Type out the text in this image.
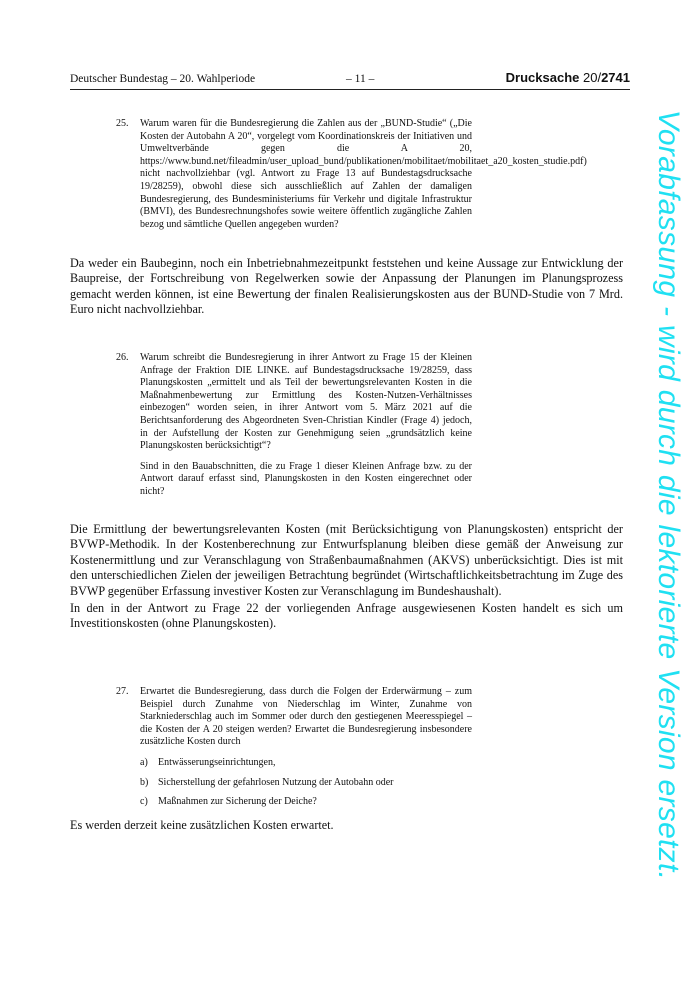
Deutscher Bundestag – 20. Wahlperiode	– 11 –	Drucksache 20/2741
25. Warum waren für die Bundesregierung die Zahlen aus der „BUND-Studie“ („Die Kosten der Autobahn A 20“, vorgelegt vom Koordinationskreis der Initiativen und Umweltverbände gegen die A 20, https://www.bund.net/fileadmin/user_upload_bund/publikationen/mobilitaet/mobilitaet_a20_kosten_studie.pdf) nicht nachvollziehbar (vgl. Antwort zu Frage 13 auf Bundestagsdrucksache 19/28259), obwohl diese sich ausschließlich auf Zahlen der damaligen Bundesregierung, des Bundesministeriums für Verkehr und digitale Infrastruktur (BMVI), des Bundesrechnungshofes sowie weitere öffentlich zugängliche Zahlen bezog und sämtliche Quellen angegeben wurden?

Da weder ein Baubeginn, noch ein Inbetriebnahmezeitpunkt feststehen und keine Aussage zur Entwicklung der Baupreise, der Fortschreibung von Regelwerken sowie der Anpassung der Planungen im Planungsprozess gemacht werden können, ist eine Bewertung der finalen Realisierungskosten aus der BUND-Studie von 7 Mrd. Euro nicht nachvollziehbar.

26. Warum schreibt die Bundesregierung in ihrer Antwort zu Frage 15 der Kleinen Anfrage der Fraktion DIE LINKE. auf Bundestagsdrucksache 19/28259, dass Planungskosten „ermittelt und als Teil der bewertungsrelevanten Kosten in die Maßnahmenbewertung zur Ermittlung des Kosten-Nutzen-Verhältnisses einbezogen“ worden seien, in ihrer Antwort vom 5. März 2021 auf die Berichtsanforderung des Abgeordneten Sven-Christian Kindler (Frage 4) jedoch, in der Aufstellung der Kosten zur Genehmigung seien „grundsätzlich keine Planungskosten berücksichtigt“?

Sind in den Bauabschnitten, die zu Frage 1 dieser Kleinen Anfrage bzw. zu der Antwort darauf erfasst sind, Planungskosten in den Kosten eingerechnet oder nicht?

Die Ermittlung der bewertungsrelevanten Kosten (mit Berücksichtigung von Planungskosten) entspricht der BVWP-Methodik. In der Kostenberechnung zur Entwurfsplanung bleiben diese gemäß der Anweisung zur Kostenermittlung und zur Veranschlagung von Straßenbaumaßnahmen (AKVS) unberücksichtigt. Dies ist mit den unterschiedlichen Zielen der jeweiligen Betrachtung begründet (Wirtschaftlichkeitsbetrachtung im Zuge des BVWP gegenüber Erfassung investiver Kosten zur Veranschlagung im Bundeshaushalt).

In den in der Antwort zu Frage 22 der vorliegenden Anfrage ausgewiesenen Kosten handelt es sich um Investitionskosten (ohne Planungskosten).

27. Erwartet die Bundesregierung, dass durch die Folgen der Erderwärmung – zum Beispiel durch Zunahme von Niederschlag im Winter, Zunahme von Starkniederschlag auch im Sommer oder durch den gestiegenen Meeresspiegel – die Kosten der A 20 steigen werden? Erwartet die Bundesregierung insbesondere zusätzliche Kosten durch

a) Entwässerungseinrichtungen,
b) Sicherstellung der gefahrlosen Nutzung der Autobahn oder
c) Maßnahmen zur Sicherung der Deiche?

Es werden derzeit keine zusätzlichen Kosten erwartet.	Vorabfassung - wird durch die lektorierte Version ersetzt.
